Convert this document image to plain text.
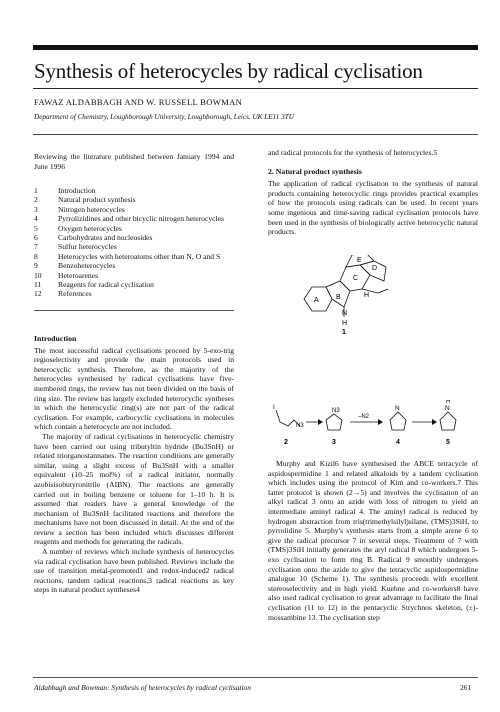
Synthesis of heterocycles by radical cyclisation
FAWAZ ALDABBAGH AND W. RUSSELL BOWMAN
Department of Chemistry, Loughborough University, Loughborough, Leics. UK LE11 3TU
Reviewing the literature published between January 1994 and June 1996
1	Introduction
2	Natural product synthesis
3	Nitrogen heterocycles
4	Pyrrolizidines and other bicyclic nitrogen heterocycles
5	Oxygen heterocycles
6	Carbohydrates and nucleosides
7	Sulfur heterocycles
8	Heterocycles with heteroatoms other than N, O and S
9	Benzoheterocycles
10	Heteroarenes
11	Reagents for radical cyclisation
12	References
Introduction
The most successful radical cyclisations proceed by 5-exo-trig regioselectivity and provide the main protocols used in heterocyclic synthesis. Therefore, as the majority of the heterocycles synthesised by radical cyclisations have five-membered rings, the review has not been divided on the basis of ring size. The review has largely excluded heterocyclic syntheses in which the heterocyclic ring(s) are not part of the radical cyclisation. For example, carbocyclic cyclisations in molecules which contain a heterocycle are not included.
The majority of radical cyclisations in heterocyclic chemistry have been carried out using tributyltin hydride (Bu3SnH) or related triorganostannanes. The reaction conditions are generally similar, using a slight excess of Bu3SnH with a smaller equivalent (10–25 mol%) of a radical initiator, normally azobisisobutyronitrile (AIBN). The reactions are generally carried out in boiling benzene or toluene for 1–10 h. It is assumed that readers have a general knowledge of the mechanism of Bu3SnH facilitated reactions and therefore the mechanisms have not been discussed in detail. At the end of the review a section has been included which discusses different reagents and methods for generating the radicals.
A number of reviews which include synthesis of heterocycles via radical cyclisation have been published. Reviews include the use of transition metal-promoted1 and redox-induced2 radical reactions, tandem radical reactions,3 radical reactions as key steps in natural product syntheses4
and radical protocols for the synthesis of heterocycles.5
2. Natural product synthesis
The application of radical cyclisation to the synthesis of natural products containing heterocyclic rings provides practical examples of how the protocols using radicals can be used. In recent years some ingenious and time-saving radical cyclisation protocols have been used in the synthesis of biologically active heterocyclic natural products.
A B
C
D
E
N
H
H
1
I
N3
N3
–N2
N	N
H
2	3	4	5
Murphy and Kizil6 have synthesised the ABCE tetracycle of aspidospermidine 1 and related alkaloids by a tandem cyclisation which includes using the protocol of Kim and co-workers.7 This latter protocol is shown (2→5) and involves the cyclisation of an alkyl radical 3 onto an azide with loss of nitrogen to yield an intermediate aminyl radical 4. The aminyl radical is reduced by hydrogen abstraction from tris(trimethylsilyl)silane, (TMS)3SiH, to pyrrolidine 5. Murphy's synthesis starts from a simple arene 6 to give the radical precursor 7 in several steps. Treatment of 7 with (TMS)3SiH initially generates the aryl radical 8 which undergoes 5-exo cyclisation to form ring B. Radical 9 smoothly undergoes cyclisation onto the azide to give the tetracyclic aspidospermidine analogue 10 (Scheme 1). The synthesis proceeds with excellent stereoselectivity and in high yield. Kuehne and co-workers8 have also used radical cyclisation to great advantage to facilitate the final cyclisation (11 to 12) in the pentacyclic Strychnos skeleton, (±)-mossambine 13. The cyclisation step
Aldabbagh and Bowman: Synthesis of heterocycles by radical cyclisation	261
